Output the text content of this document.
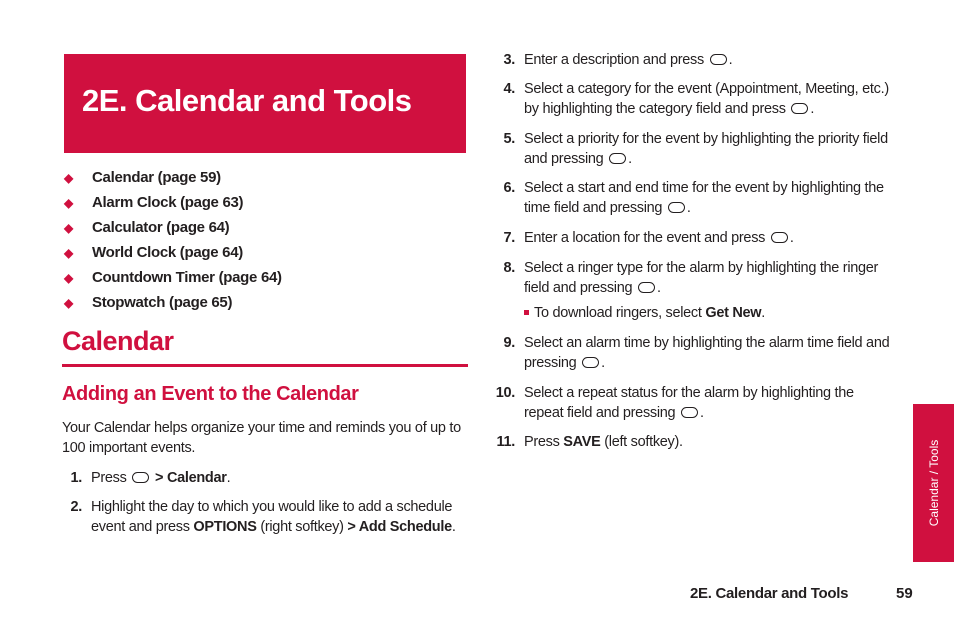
2E. Calendar and Tools
◆	Calendar (page 59)
◆	Alarm Clock (page 63)
◆	Calculator (page 64)
◆	World Clock (page 64)
◆	Countdown Timer (page 64)
◆	Stopwatch (page 65)
Calendar
Adding an Event to the Calendar

Your Calendar helps organize your time and reminds you of up to 100 important events.

1. Press > Calendar.
2. Highlight the day to which you would like to add a schedule event and press OPTIONS (right softkey) > Add Schedule.
3. Enter a description and press .
4. Select a category for the event (Appointment, Meeting, etc.) by highlighting the category field and press .
5. Select a priority for the event by highlighting the priority field and pressing .
6. Select a start and end time for the event by highlighting the time field and pressing .
7. Enter a location for the event and press .
8. Select a ringer type for the alarm by highlighting the ringer field and pressing .
To download ringers, select Get New.
9. Select an alarm time by highlighting the alarm time field and pressing .
10. Select a repeat status for the alarm by highlighting the repeat field and pressing .
11. Press SAVE (left softkey).	Calendar / Tools
2E. Calendar and Tools	59
